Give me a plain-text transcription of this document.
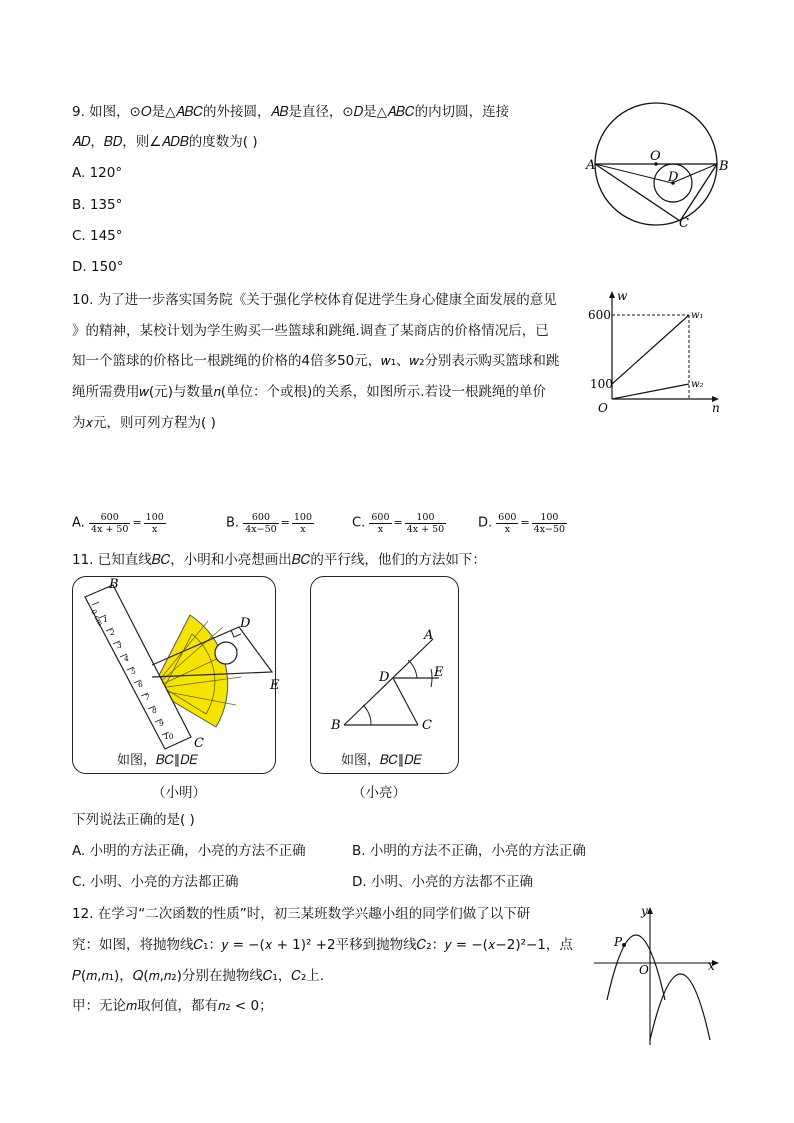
9. 如图，⊙𝑂是△𝐴𝐵𝐶的外接圆，𝐴𝐵是直径，⊙𝐷是△𝐴𝐵𝐶的内切圆，连接
𝐴𝐷，𝐵𝐷，则∠𝐴𝐷𝐵的度数为( )
A. 120°
B. 135°
C. 145°
D. 150°
A	B
C
O
D
10. 为了进一步落实国务院《关于强化学校体育促进学生身心健康全面发展的意见
》的精神，某校计划为学生购买一些篮球和跳绳.调查了某商店的价格情况后，已
知一个篮球的价格比一根跳绳的价格的4倍多50元，𝑤₁、𝑤₂分别表示购买篮球和跳
绳所需费用𝑤(元)与数量𝑛(单位：个或根)的关系，如图所示.若设一根跳绳的单价
为𝑥元，则可列方程为( )
w
n
O
600
100
w₁
w₂
A. $\frac{600}{4x + 50} = \frac{100}{x}$	B. $\frac{600}{4x-50} = \frac{100}{x}$	C. $\frac{600}{x} = \frac{100}{4x + 50} D$. $\frac{600}{x} = \frac{100}{4x-50}$
11. 已知直线𝐵𝐶，小明和小亮想画出𝐵𝐶的平行线，他们的方法如下：
0 cm
1
2
3
4
5
6
7
8
9
10
B
C
D
E
如图，𝐵𝐶∥𝐷𝐸
（小明）
A
B	C
D	E
如图，𝐵𝐶∥𝐷𝐸
（小亮）
下列说法正确的是( )
A. 小明的方法正确，小亮的方法不正确	B. 小明的方法不正确，小亮的方法正确
C. 小明、小亮的方法都正确	D. 小明、小亮的方法都不正确
12. 在学习“二次函数的性质”时，初三某班数学兴趣小组的同学们做了以下研
究：如图，将抛物线𝐶₁：𝑦 = −(𝑥 + 1)² +2平移到抛物线𝐶₂：𝑦 = −(𝑥−2)²−1，点
𝑃(𝑚,𝑛₁)，𝑄(𝑚,𝑛₂)分别在抛物线𝐶₁，𝐶₂上.
甲：无论𝑚取何值，都有𝑛₂ < 0；
P
O	x
y
